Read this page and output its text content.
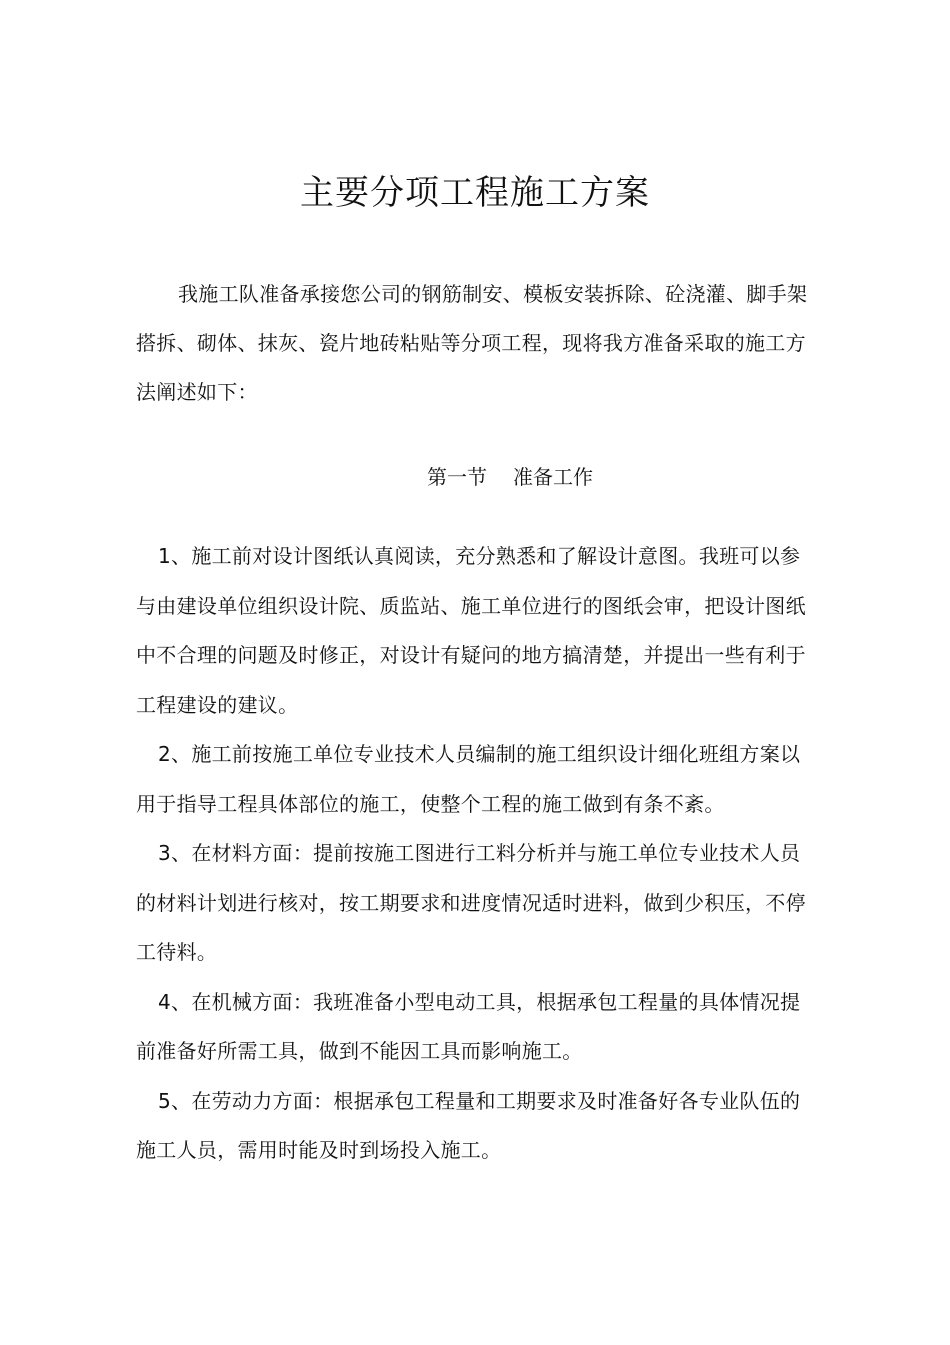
主要分项工程施工方案

我施工队准备承接您公司的钢筋制安、模板安装拆除、砼浇灌、脚手架搭拆、砌体、抹灰、瓷片地砖粘贴等分项工程，现将我方准备采取的施工方法阐述如下：

第一节 准备工作
1、施工前对设计图纸认真阅读，充分熟悉和了解设计意图。我班可以参与由建设单位组织设计院、质监站、施工单位进行的图纸会审，把设计图纸中不合理的问题及时修正，对设计有疑问的地方搞清楚，并提出一些有利于工程建设的建议。
2、施工前按施工单位专业技术人员编制的施工组织设计细化班组方案以用于指导工程具体部位的施工，使整个工程的施工做到有条不紊。
3、在材料方面：提前按施工图进行工料分析并与施工单位专业技术人员的材料计划进行核对，按工期要求和进度情况适时进料，做到少积压，不停工待料。
4、在机械方面：我班准备小型电动工具，根据承包工程量的具体情况提前准备好所需工具，做到不能因工具而影响施工。
5、在劳动力方面：根据承包工程量和工期要求及时准备好各专业队伍的施工人员，需用时能及时到场投入施工。
